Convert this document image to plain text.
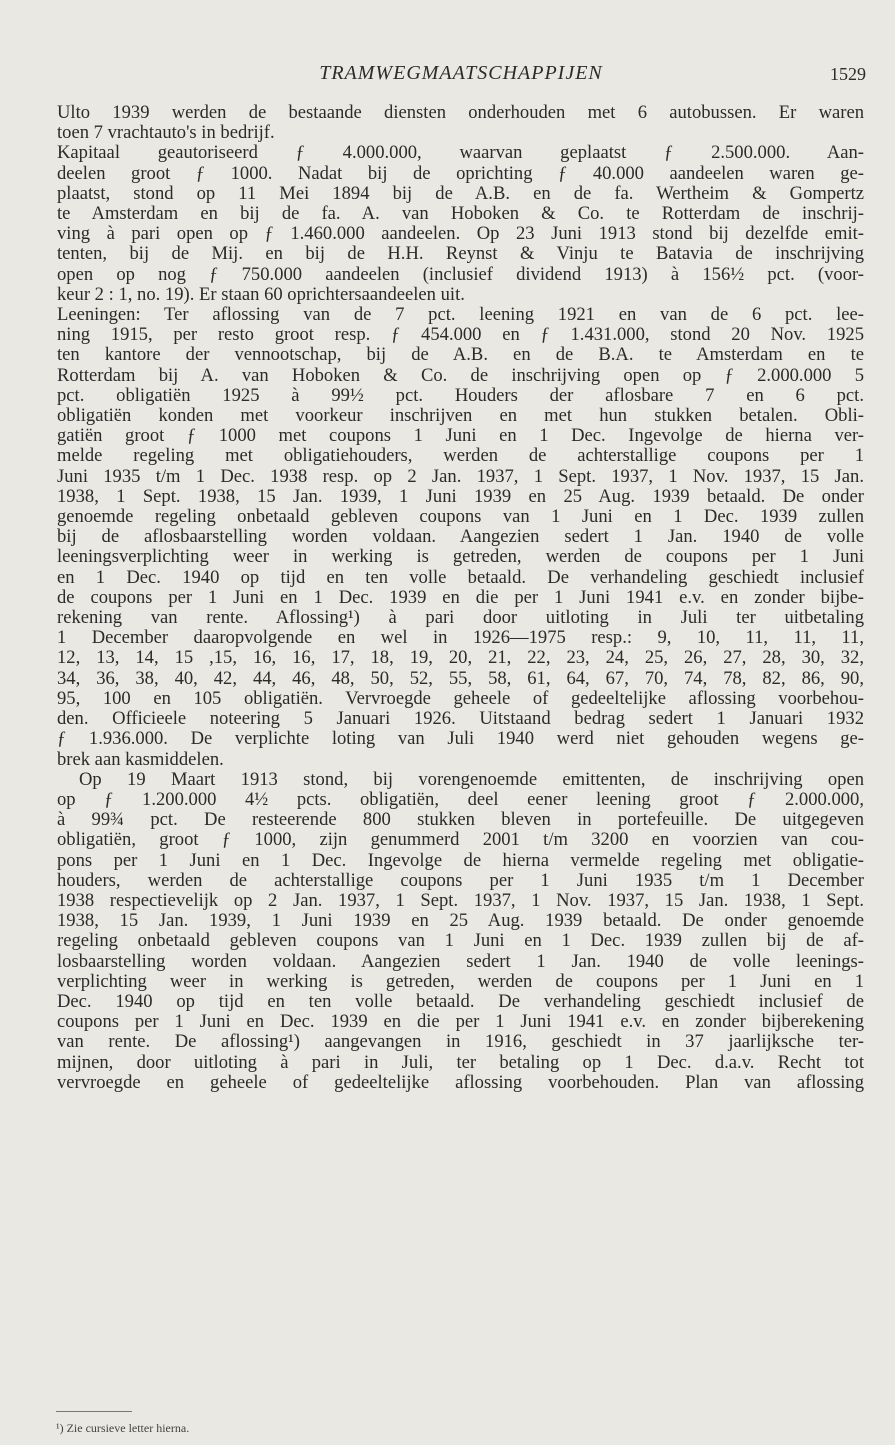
TRAMWEGMAATSCHAPPIJEN	1529

Ulto 1939 werden de bestaande diensten onderhouden met 6 autobussen. Er waren

toen 7 vrachtauto's in bedrijf.

Kapitaal geautoriseerd ƒ 4.000.000, waarvan geplaatst ƒ 2.500.000. Aan-

deelen groot ƒ 1000. Nadat bij de oprichting ƒ 40.000 aandeelen waren ge-

plaatst, stond op 11 Mei 1894 bij de A.B. en de fa. Wertheim & Gompertz

te Amsterdam en bij de fa. A. van Hoboken & Co. te Rotterdam de inschrij-

ving à pari open op ƒ 1.460.000 aandeelen. Op 23 Juni 1913 stond bij dezelfde emit-

tenten, bij de Mij. en bij de H.H. Reynst & Vinju te Batavia de inschrijving

open op nog ƒ 750.000 aandeelen (inclusief dividend 1913) à 156½ pct. (voor-

keur 2 : 1, no. 19). Er staan 60 oprichtersaandeelen uit.

Leeningen: Ter aflossing van de 7 pct. leening 1921 en van de 6 pct. lee-

ning 1915, per resto groot resp. ƒ 454.000 en ƒ 1.431.000, stond 20 Nov. 1925

ten kantore der vennootschap, bij de A.B. en de B.A. te Amsterdam en te

Rotterdam bij A. van Hoboken & Co. de inschrijving open op ƒ 2.000.000 5

pct. obligatiën 1925 à 99½ pct. Houders der aflosbare 7 en 6 pct.

obligatiën konden met voorkeur inschrijven en met hun stukken betalen. Obli-

gatiën groot ƒ 1000 met coupons 1 Juni en 1 Dec. Ingevolge de hierna ver-

melde regeling met obligatiehouders, werden de achterstallige coupons per 1

Juni 1935 t/m 1 Dec. 1938 resp. op 2 Jan. 1937, 1 Sept. 1937, 1 Nov. 1937, 15 Jan.

1938, 1 Sept. 1938, 15 Jan. 1939, 1 Juni 1939 en 25 Aug. 1939 betaald. De onder

genoemde regeling onbetaald gebleven coupons van 1 Juni en 1 Dec. 1939 zullen

bij de aflosbaarstelling worden voldaan. Aangezien sedert 1 Jan. 1940 de volle

leeningsverplichting weer in werking is getreden, werden de coupons per 1 Juni

en 1 Dec. 1940 op tijd en ten volle betaald. De verhandeling geschiedt inclusief

de coupons per 1 Juni en 1 Dec. 1939 en die per 1 Juni 1941 e.v. en zonder bijbe-

rekening van rente. Aflossing¹) à pari door uitloting in Juli ter uitbetaling

1 December daaropvolgende en wel in 1926—1975 resp.: 9, 10, 11, 11, 11,

12, 13, 14, 15 ,15, 16, 16, 17, 18, 19, 20, 21, 22, 23, 24, 25, 26, 27, 28, 30, 32,

34, 36, 38, 40, 42, 44, 46, 48, 50, 52, 55, 58, 61, 64, 67, 70, 74, 78, 82, 86, 90,

95, 100 en 105 obligatiën. Vervroegde geheele of gedeeltelijke aflossing voorbehou-

den. Officieele noteering 5 Januari 1926. Uitstaand bedrag sedert 1 Januari 1932

ƒ 1.936.000. De verplichte loting van Juli 1940 werd niet gehouden wegens ge-

brek aan kasmiddelen.

Op 19 Maart 1913 stond, bij vorengenoemde emittenten, de inschrijving open

op ƒ 1.200.000 4½ pcts. obligatiën, deel eener leening groot ƒ 2.000.000,

à 99¾ pct. De resteerende 800 stukken bleven in portefeuille. De uitgegeven

obligatiën, groot ƒ 1000, zijn genummerd 2001 t/m 3200 en voorzien van cou-

pons per 1 Juni en 1 Dec. Ingevolge de hierna vermelde regeling met obligatie-

houders, werden de achterstallige coupons per 1 Juni 1935 t/m 1 December

1938 respectievelijk op 2 Jan. 1937, 1 Sept. 1937, 1 Nov. 1937, 15 Jan. 1938, 1 Sept.

1938, 15 Jan. 1939, 1 Juni 1939 en 25 Aug. 1939 betaald. De onder genoemde

regeling onbetaald gebleven coupons van 1 Juni en 1 Dec. 1939 zullen bij de af-

losbaarstelling worden voldaan. Aangezien sedert 1 Jan. 1940 de volle leenings-

verplichting weer in werking is getreden, werden de coupons per 1 Juni en 1

Dec. 1940 op tijd en ten volle betaald. De verhandeling geschiedt inclusief de

coupons per 1 Juni en Dec. 1939 en die per 1 Juni 1941 e.v. en zonder bijberekening

van rente. De aflossing¹) aangevangen in 1916, geschiedt in 37 jaarlijksche ter-

mijnen, door uitloting à pari in Juli, ter betaling op 1 Dec. d.a.v. Recht tot

vervroegde en geheele of gedeeltelijke aflossing voorbehouden. Plan van aflossing

¹) Zie cursieve letter hierna.
